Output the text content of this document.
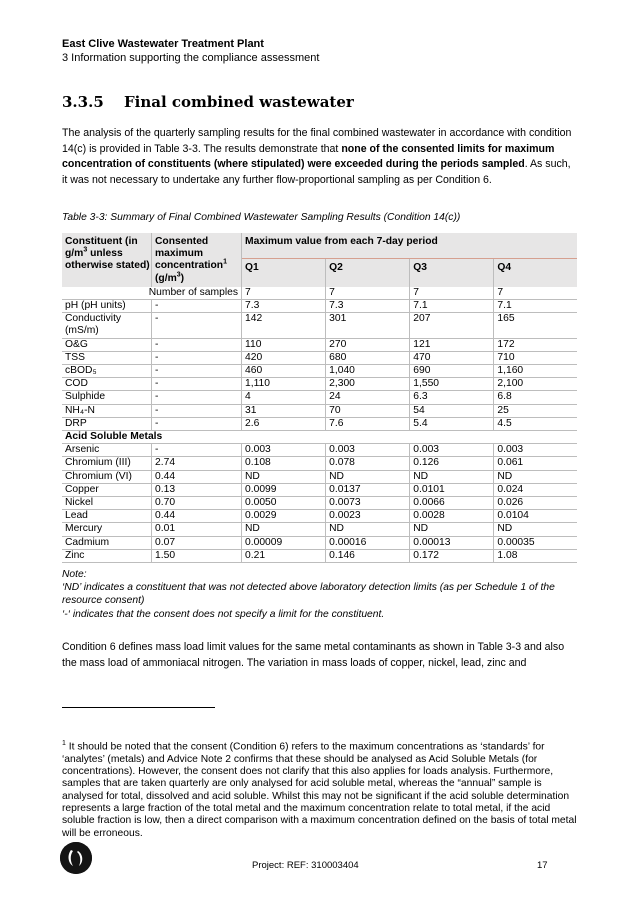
East Clive Wastewater Treatment Plant
3 Information supporting the compliance assessment
3.3.5 Final combined wastewater
The analysis of the quarterly sampling results for the final combined wastewater in accordance with condition 14(c) is provided in Table 3-3. The results demonstrate that none of the consented limits for maximum concentration of constituents (where stipulated) were exceeded during the periods sampled. As such, it was not necessary to undertake any further flow-proportional sampling as per Condition 6.
Table 3-3: Summary of Final Combined Wastewater Sampling Results (Condition 14(c))
Constituent (in $g/m^3$ unless otherwise stated)	Consented maximum concentration$^1$ $(g/m^3)$	Maximum value from each 7-day period			
		Q1	Q2	Q3	Q4
Number of samples		7	7	7	7
pH (pH units)	-	7.3	7.3	7.1	7.1
Conductivity (mS/m)	-	142	301	207	165
O&G	-	110	270	121	172
TSS	-	420	680	470	710
cBOD₅	-	460	1,040	690	1,160
COD	-	1,110	2,300	1,550	2,100
Sulphide	-	4	24	6.3	6.8
NH₄-N	-	31	70	54	25
DRP	-	2.6	7.6	5.4	4.5
Acid Soluble Metals					
Arsenic	-	0.003	0.003	0.003	0.003
Chromium (III)	2.74	0.108	0.078	0.126	0.061
Chromium (VI)	0.44	ND	ND	ND	ND
Copper	0.13	0.0099	0.0137	0.0101	0.024
Nickel	0.70	0.0050	0.0073	0.0066	0.026
Lead	0.44	0.0029	0.0023	0.0028	0.0104
Mercury	0.01	ND	ND	ND	ND
Cadmium	0.07	0.00009	0.00016	0.00013	0.00035
Zinc	1.50	0.21	0.146	0.172	1.08
Note:
‘ND’ indicates a constituent that was not detected above laboratory detection limits (as per Schedule 1 of the resource consent)
‘-‘ indicates that the consent does not specify a limit for the constituent.
Condition 6 defines mass load limit values for the same metal contaminants as shown in Table 3-3 and also the mass load of ammoniacal nitrogen. The variation in mass loads of copper, nickel, lead, zinc and
$^1$ It should be noted that the consent (Condition 6) refers to the maximum concentrations as ‘standards’ for ‘analytes’ (metals) and Advice Note 2 confirms that these should be analysed as Acid Soluble Metals (for concentrations). However, the consent does not clarify that this also applies for loads analysis. Furthermore, samples that are taken quarterly are only analysed for acid soluble metal, whereas the “annual” sample is analysed for total, dissolved and acid soluble. Whilst this may not be significant if the acid soluble determination represents a large fraction of the total metal and the maximum concentration relate to total metal, if the acid soluble fraction is low, then a direct comparison with a maximum concentration defined on the basis of total metal will be erroneous.
Project: REF: 310003404	17
